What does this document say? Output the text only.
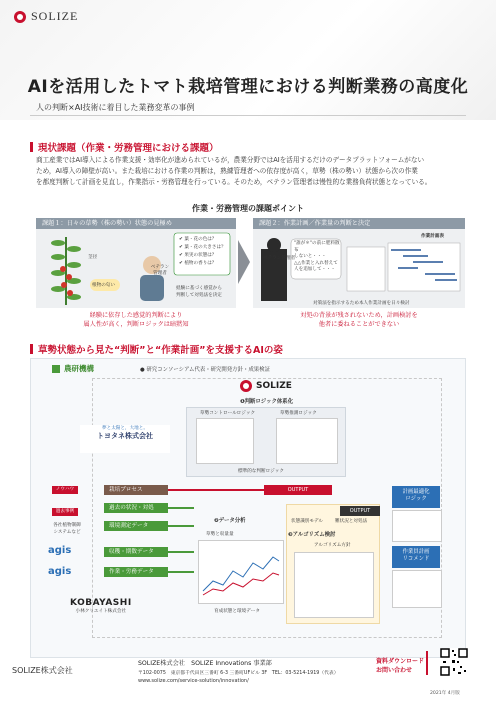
SOLIZE
AIを活用したトマト栽培管理における判断業務の高度化
人の判断×AI技術に着目した業務変革の事例
現状課題（作業・労務管理における課題）
商工産業ではAI導入による作業支援・効率化が進められているが，農業分野ではAIを活用するだけのデータプラットフォームがない
ため，AI導入の障壁が高い。また栽培における作業の判断は，熟練管理者への依存度が高く，草勢（株の勢い）状態から次の作業
を都度判断して計画を見直し，作業指示・労務管理を行っている。そのため，ベテラン管理者は慢性的な業務負荷状態となっている。
作業・労務管理の課題ポイント
課題１：日々の草勢（株の勢い）状態の見極め
茎径
ベテラン
管理者
根物の匂い
✔ 葉・花の色は？
✔ 葉・花の大きさは？
✔ 果実の状態は？
✔ 植物の香りは？
経験に基づく感覚から
判断して対処法を決定
経験に依存した感覚的判断により
属人性が高く，判断ロジックは暗黙知
課題２：作業計画／作業量の判断と決定
ベテラン管理者
"誰が＊"の前に肥料散布
しないと・・・
△△作業と入れ替えて
人を追加して・・・
作業計画表
対策法を指示するため本人作業計画を日々検討
対処の背景が残されないため，計画検討を
他者に委ねることができない
草勢状態から見た“判断”と“作業計画”を支援するAIの姿
農研機構	● 研究コンソーシアム代表・研究開発方針・成果検証
SOLIZE
❶判断ロジック体系化
草勢コントロールロジック	草勢推測ロジック
標準的な判断ロジック
夢と太陽と，大地と。
トヨタネ株式会社
ノウハウ
過去事例
各社植物制御
システムなど
agis
agis
KOBAYASHI
小林クリエイト株式会社
栽培プロセス
過去の状況・対処
環境測定データ
収穫・期数データ
作業・労務データ
OUTPUT
❷データ分析
草勢と収量量
育成状態と環境データ
OUTPUT
状態識別モデル	難状況と対処法
❸アルゴリズム検討
アルゴリズム方針
計画最適化
ロジック
作業員計画
リコメンド
SOLIZE株式会社
SOLIZE株式会社　SOLIZE Innovations 事業部
〒102-0075　東京都千代田区三番町 6-3 三番町UFビル 3F　TEL：03-5214-1919（代表）
www.solize.com/service-solution/innovation/
資料ダウンロード
お問い合わせ
2021年 4月版
